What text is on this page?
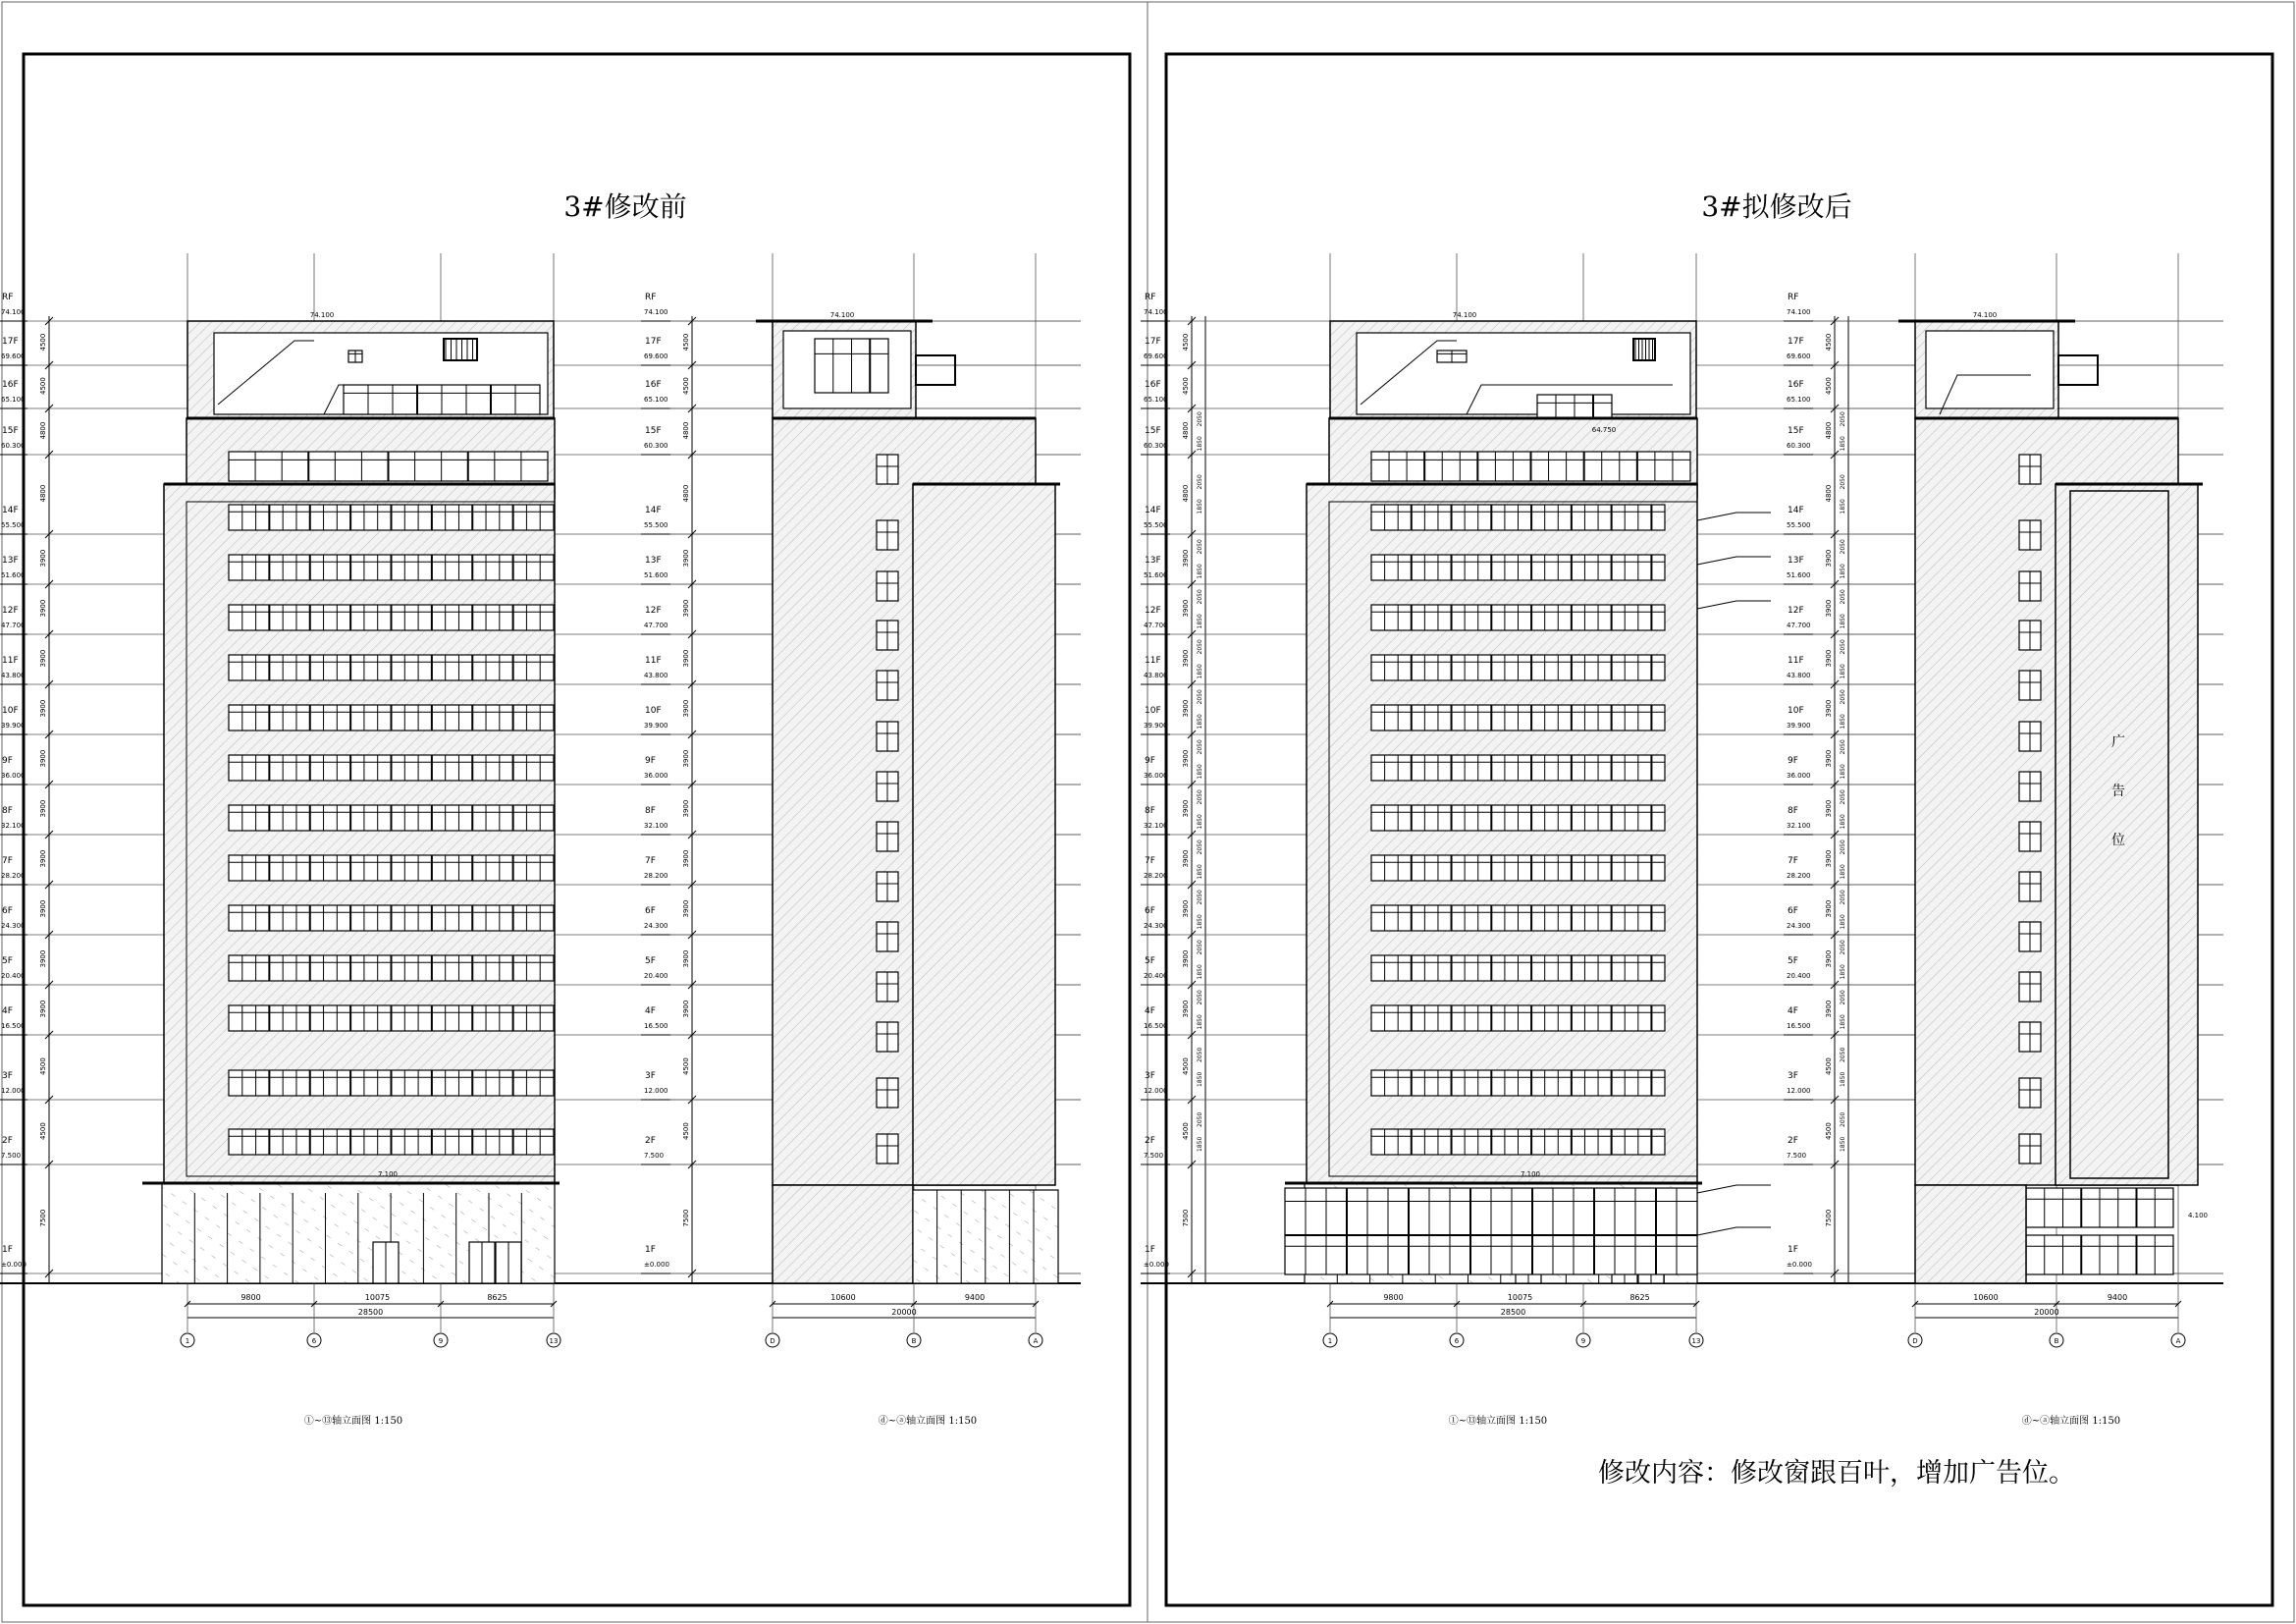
3#修改前	3#拟修改后
RF
74.100
4500
17F
69.600
4500
16F
65.100
4800
15F
60.300
4800
14F
55.500
3900
13F
51.600
3900
12F
47.700
3900
11F
43.800
3900
10F
39.900
3900
9F
36.000
3900
8F
32.100
3900
7F
28.200
3900
6F
24.300
3900
5F
20.400
3900
4F
16.500
4500
3F
12.000
4500
2F
7.500
7500
1F
±0.000
1	6	9	13
9800	10075	8625
28500
74.100
7.100
RF
74.100
4500
17F
69.600
4500
16F
65.100
4800
15F
60.300
4800
14F
55.500
3900
13F
51.600
3900
12F
47.700
3900
11F
43.800
3900
10F
39.900
3900
9F
36.000
3900
8F
32.100
3900
7F
28.200
3900
6F
24.300
3900
5F
20.400
3900
4F
16.500
4500
3F
12.000
4500
2F
7.500
7500
1F
±0.000
D	B	A
10600	9400
20000
74.100
RF
74.100
4500
17F
69.600
4500
16F
65.100
4800
1850
2050
15F
60.300
4800
1850
2050
14F
55.500
3900
1850
2050
13F
51.600
3900
1850
2050
12F
47.700
3900
1850
2050
11F
43.800
3900
1850
2050
10F
39.900
3900
1850
2050
9F
36.000
3900
1850
2050
8F
32.100
3900
1850
2050
7F
28.200
3900
1850
2050
6F
24.300
3900
1850
2050
5F
20.400
3900
1850
2050
4F
16.500
4500
1850
2050
3F
12.000
4500
1850
2050
2F
7.500
7500
1F
±0.000
1	6	9	13
9800	10075	8625
28500
74.100
7.100
64.750
RF
74.100
4500
17F
69.600
4500
16F
65.100
4800
1850
2050
15F
60.300
4800
1850
2050
14F
55.500
3900
1850
2050
13F
51.600
3900
1850
2050
12F
47.700
3900
1850
2050
11F
43.800
3900
1850
2050
10F
39.900
3900
1850
2050
9F
36.000
3900
1850
2050
8F
32.100
3900
1850
2050
7F
28.200
3900
1850
2050
6F
24.300
3900
1850
2050
5F
20.400
3900
1850
2050
4F
16.500
4500
1850
2050
3F
12.000
4500
1850
2050
2F
7.500
7500
1F
±0.000
D	B	A
10600	9400
20000
74.100
广
告
位
4.100
①~⑬轴立面图 1:150	ⓓ~ⓐ轴立面图 1:150	①~⑬轴立面图 1:150	ⓓ~ⓐ轴立面图 1:150
修改内容：修改窗跟百叶，增加广告位。
